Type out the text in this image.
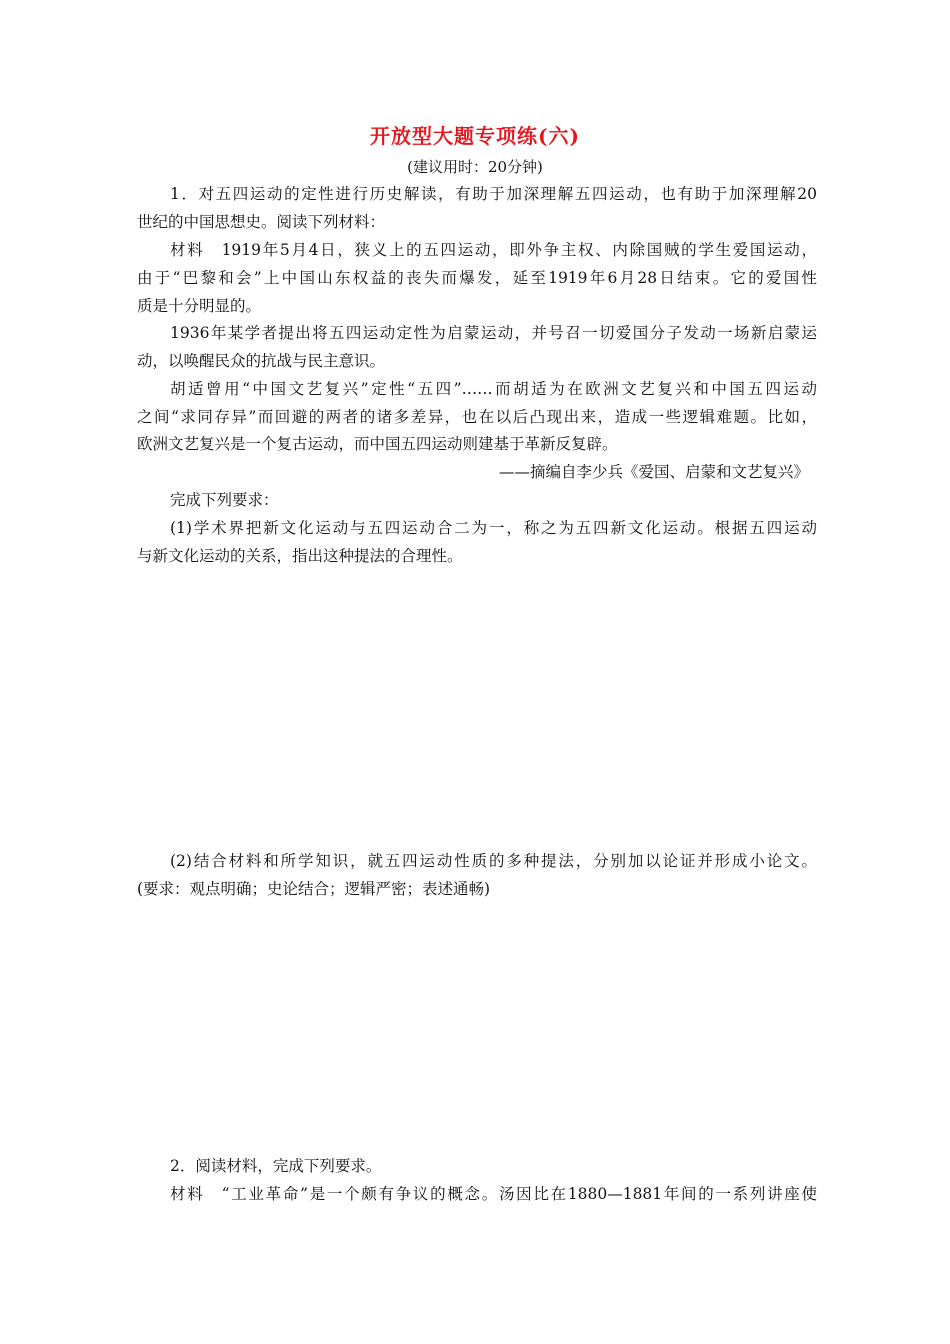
开放型大题专项练(六)
(建议用时：20分钟)
1．对五四运动的定性进行历史解读，有助于加深理解五四运动，也有助于加深理解20
世纪的中国思想史。阅读下列材料：
材料　1919年5月4日，狭义上的五四运动，即外争主权、内除国贼的学生爱国运动，
由于“巴黎和会”上中国山东权益的丧失而爆发，延至1919年6月28日结束。它的爱国性
质是十分明显的。
1936年某学者提出将五四运动定性为启蒙运动，并号召一切爱国分子发动一场新启蒙运
动，以唤醒民众的抗战与民主意识。
胡适曾用“中国文艺复兴”定性“五四”……而胡适为在欧洲文艺复兴和中国五四运动
之间“求同存异”而回避的两者的诸多差异，也在以后凸现出来，造成一些逻辑难题。比如，
欧洲文艺复兴是一个复古运动，而中国五四运动则建基于革新反复辟。
——摘编自李少兵《爱国、启蒙和文艺复兴》
完成下列要求：
(1)学术界把新文化运动与五四运动合二为一，称之为五四新文化运动。根据五四运动
与新文化运动的关系，指出这种提法的合理性。
(2)结合材料和所学知识，就五四运动性质的多种提法，分别加以论证并形成小论文。
(要求：观点明确；史论结合；逻辑严密；表述通畅)
2．阅读材料，完成下列要求。
材料　“工业革命”是一个颇有争议的概念。汤因比在1880—1881年间的一系列讲座使
